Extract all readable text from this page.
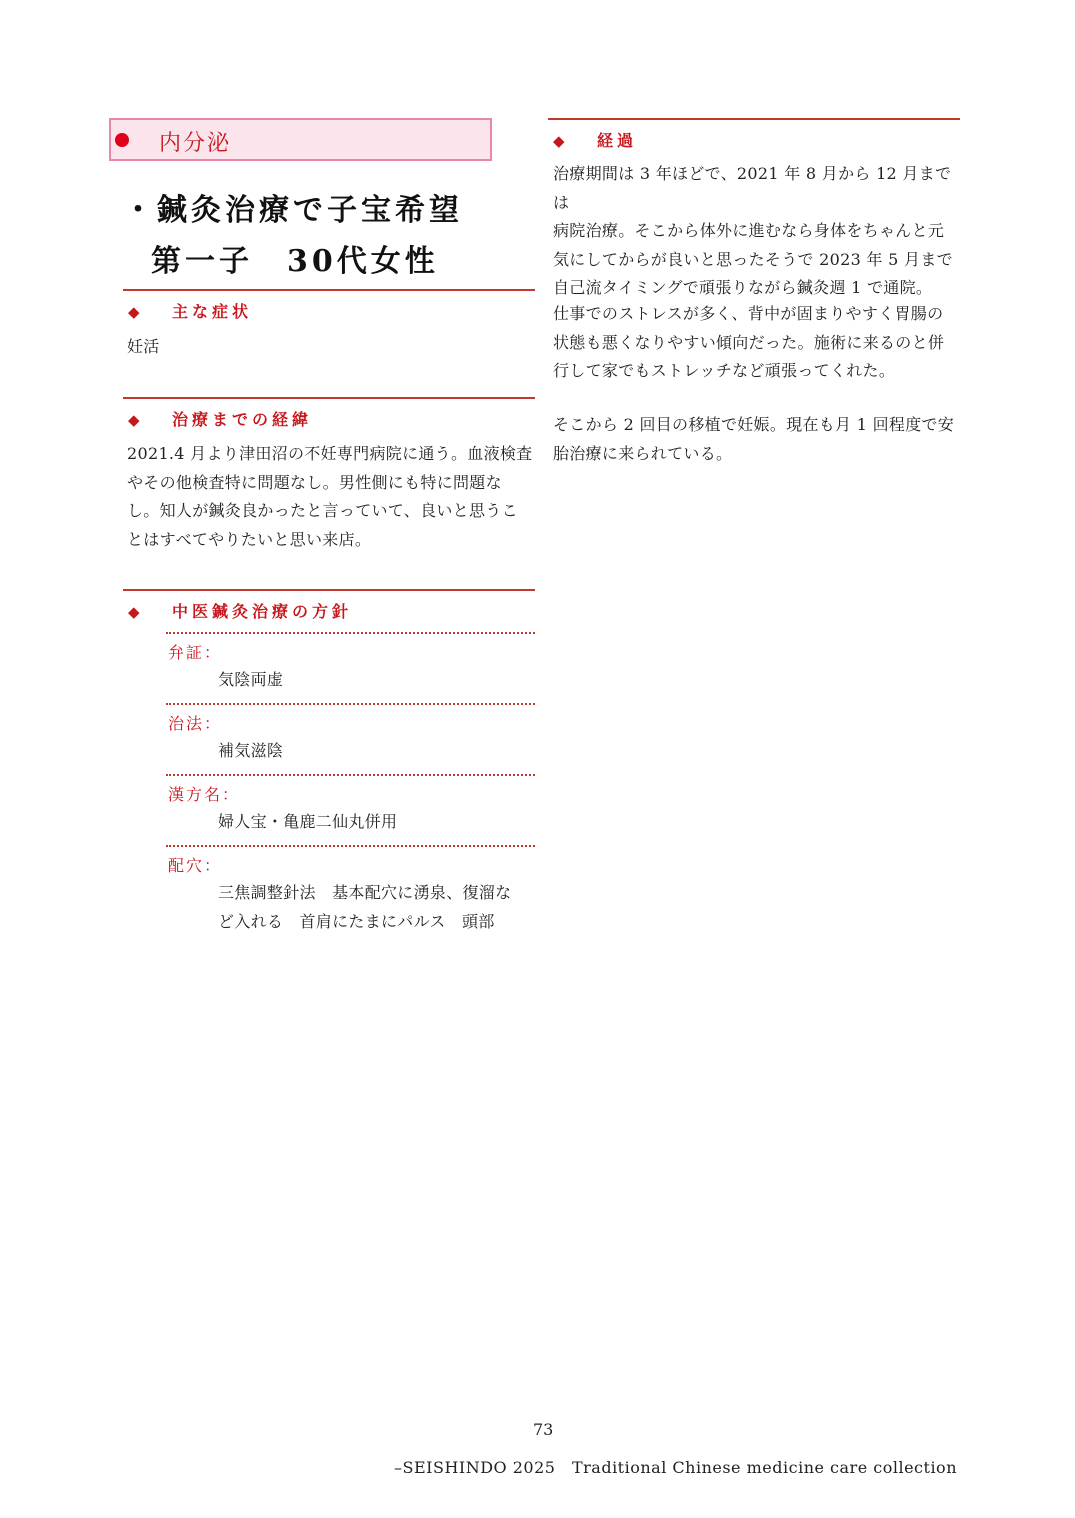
内分泌
・鍼灸治療で子宝希望
第一子　30代女性
◆ 主な症状
妊活
◆ 治療までの経緯
2021.4 月より津田沼の不妊専門病院に通う。血液検査
やその他検査特に問題なし。男性側にも特に問題な
し。知人が鍼灸良かったと言っていて、良いと思うこ
とはすべてやりたいと思い来店。
◆ 中医鍼灸治療の方針
弁証：
気陰両虚
治法：
補気滋陰
漢方名：
婦人宝・亀鹿二仙丸併用
配穴：
三焦調整針法　基本配穴に湧泉、復溜な
ど入れる　首肩にたまにパルス　頭部
◆ 経過
治療期間は 3 年ほどで、2021 年 8 月から 12 月までは
病院治療。そこから体外に進むなら身体をちゃんと元
気にしてからが良いと思ったそうで 2023 年 5 月まで
自己流タイミングで頑張りながら鍼灸週 1 で通院。
仕事でのストレスが多く、背中が固まりやすく胃腸の
状態も悪くなりやすい傾向だった。施術に来るのと併
行して家でもストレッチなど頑張ってくれた。
そこから 2 回目の移植で妊娠。現在も月 1 回程度で安
胎治療に来られている。
73
–SEISHINDO 2025　Traditional Chinese medicine care collection
